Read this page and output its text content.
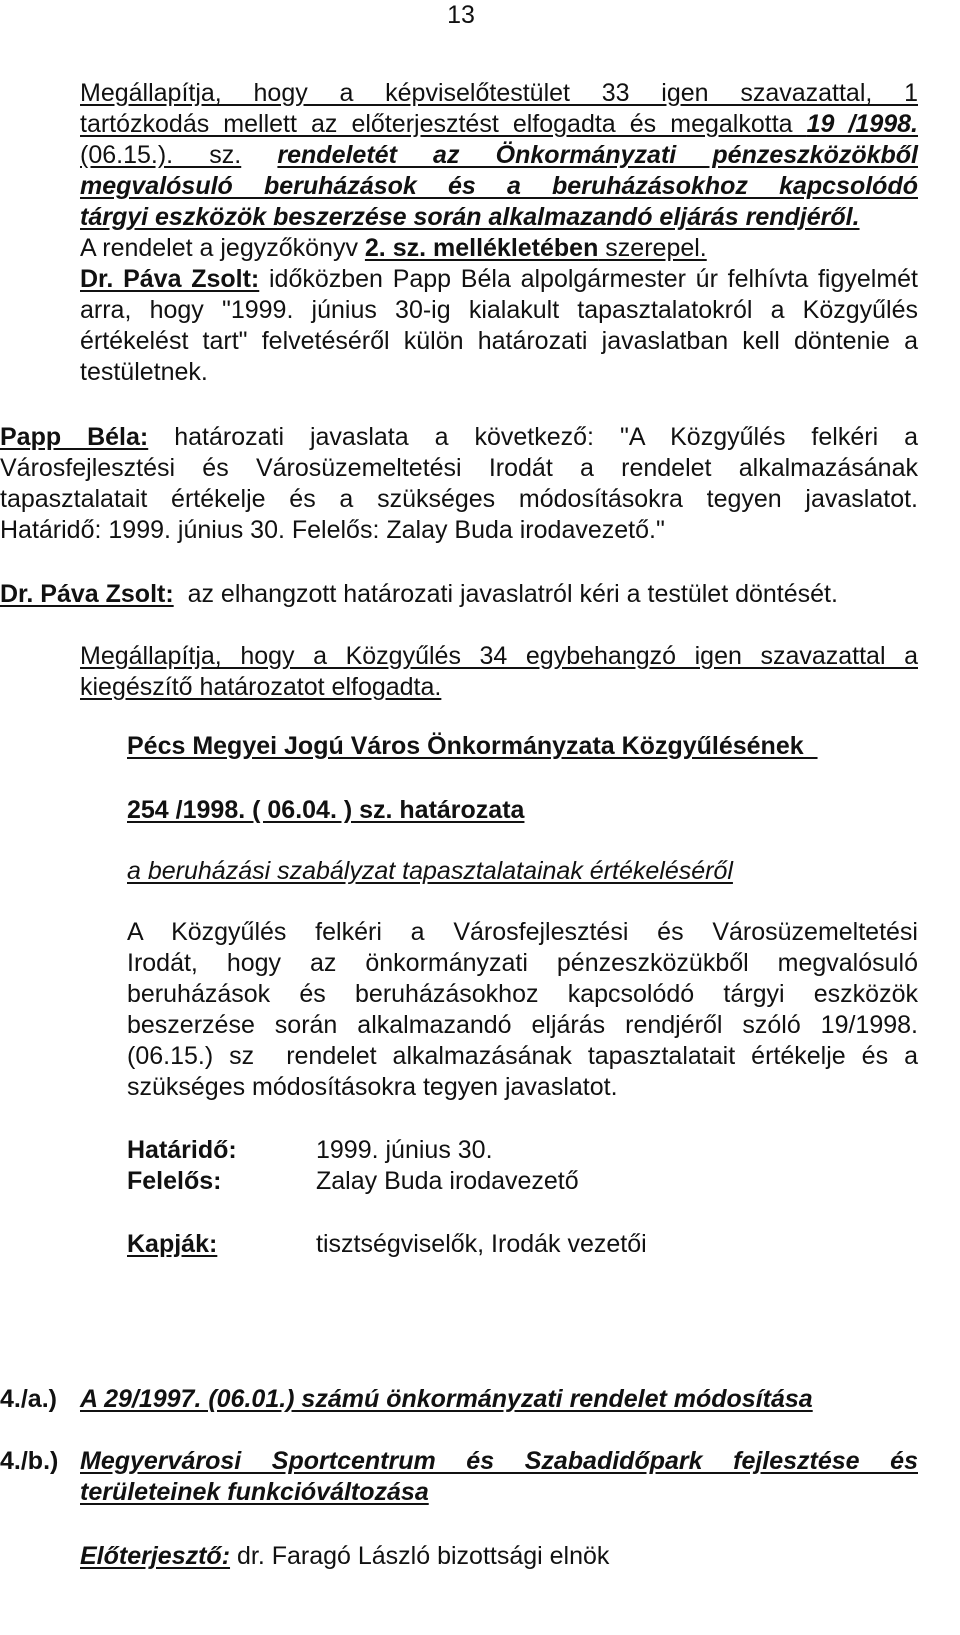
13
Megállapítja, hogy a képviselőtestület 33 igen szavazattal, 1
tartózkodás mellett az előterjesztést elfogadta és megalkotta 19 /1998.
(06.15.). sz. rendeletét az Önkormányzati pénzeszközökből
megvalósuló beruházások és a beruházásokhoz kapcsolódó
tárgyi eszközök beszerzése során alkalmazandó eljárás rendjéről.
A rendelet a jegyzőkönyv 2. sz. mellékletében szerepel.
Dr. Páva Zsolt: időközben Papp Béla alpolgármester úr felhívta figyelmét
arra, hogy "1999. június 30-ig kialakult tapasztalatokról a Közgyűlés
értékelést tart" felvetéséről külön határozati javaslatban kell döntenie a
testületnek.
Papp Béla: határozati javaslata a következő: "A Közgyűlés felkéri a
Városfejlesztési és Városüzemeltetési Irodát a rendelet alkalmazásának
tapasztalatait értékelje és a szükséges módosításokra tegyen javaslatot.
Határidő: 1999. június 30. Felelős: Zalay Buda irodavezető."
Dr. Páva Zsolt:  az elhangzott határozati javaslatról kéri a testület döntését.
Megállapítja, hogy a Közgyűlés 34 egybehangzó igen szavazattal a
kiegészítő határozatot elfogadta.
Pécs Megyei Jogú Város Önkormányzata Közgyűlésének
254 /1998. ( 06.04. ) sz. határozata
a beruházási szabályzat tapasztalatainak értékeléséről
A Közgyűlés felkéri a Városfejlesztési és Városüzemeltetési
Irodát, hogy az önkormányzati pénzeszközükből megvalósuló
beruházások és beruházásokhoz kapcsolódó tárgyi eszközök
beszerzése során alkalmazandó eljárás rendjéről szóló 19/1998.
(06.15.) sz  rendelet alkalmazásának tapasztalatait értékelje és a
szükséges módosításokra tegyen javaslatot.
Határidő:	1999. június 30.
Felelős:	Zalay Buda irodavezető
Kapják:	tisztségviselők, Irodák vezetői
4./a.) A 29/1997. (06.01.) számú önkormányzati rendelet módosítása
4./b.) Megyervárosi Sportcentrum és Szabadidőpark fejlesztése és
területeinek funkcióváltozása
Előterjesztő: dr. Faragó László bizottsági elnök
